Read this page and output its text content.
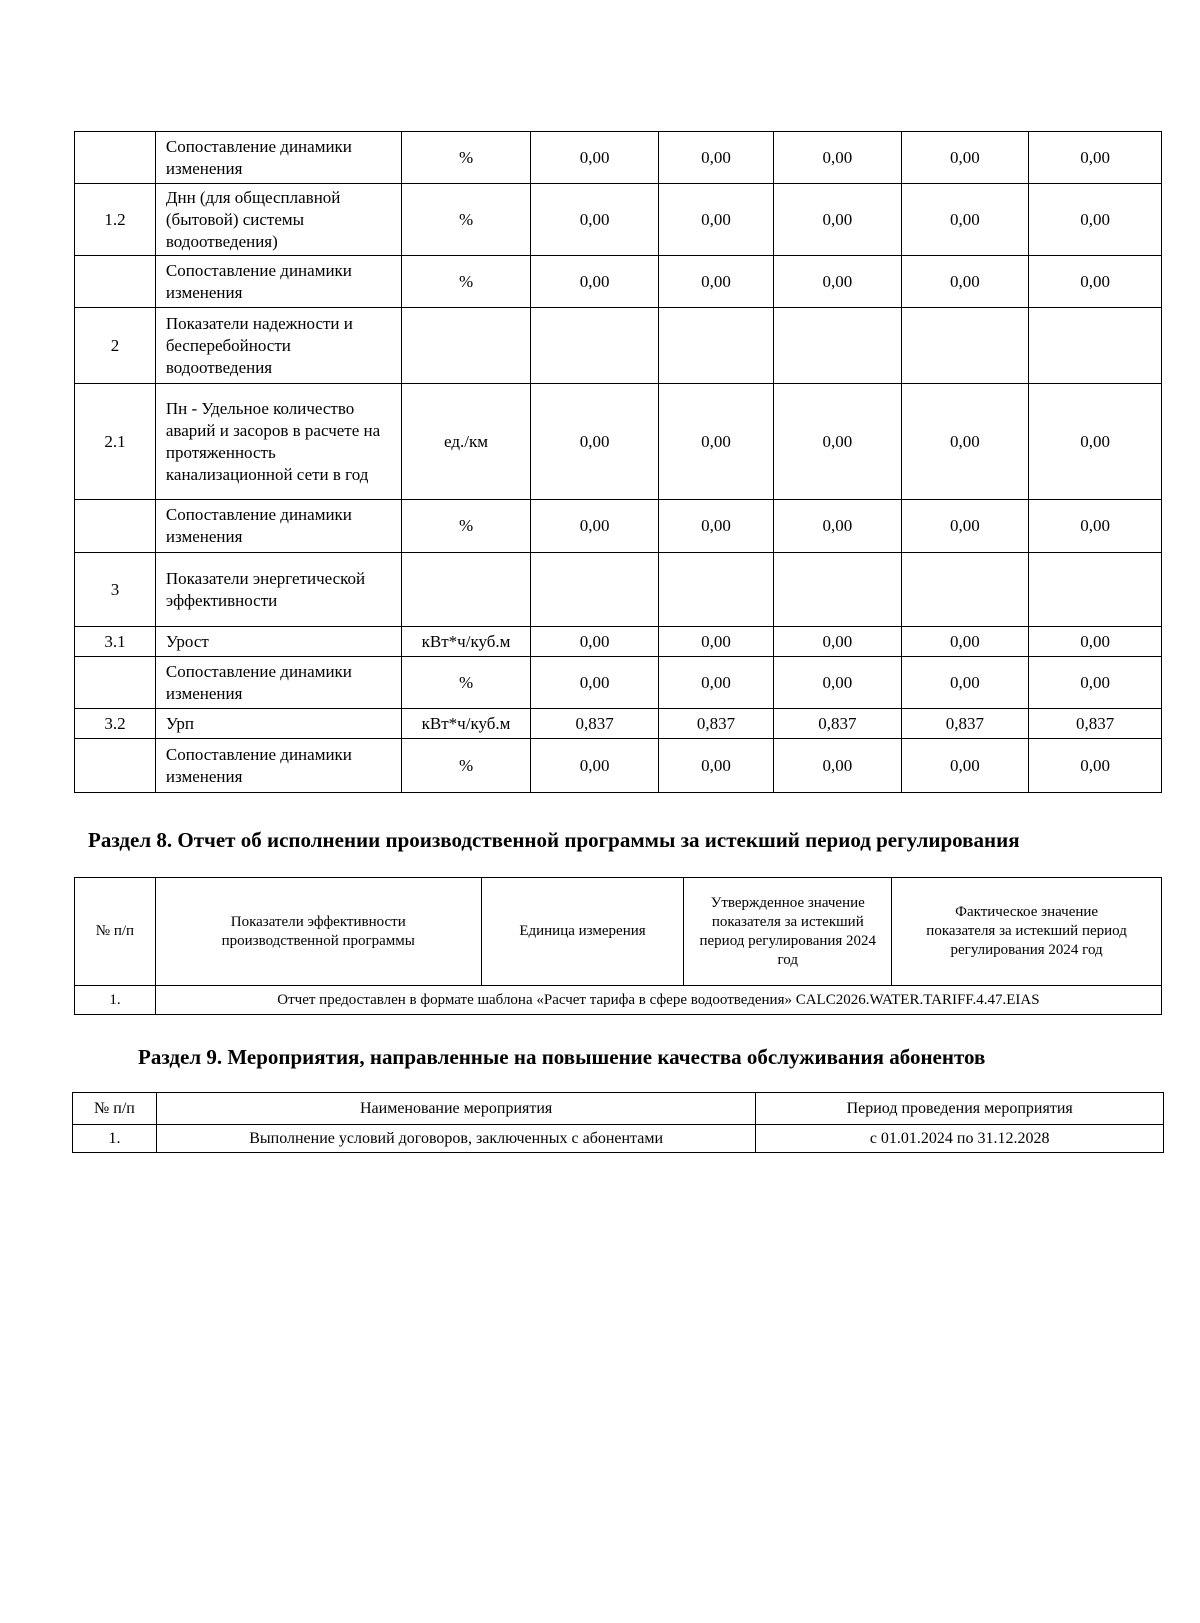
	Сопоставление динамики изменения	%	0,00	0,00	0,00	0,00	0,00
1.2	Днн (для общесплавной (бытовой) системы водоотведения)	%	0,00	0,00	0,00	0,00	0,00
	Сопоставление динамики изменения	%	0,00	0,00	0,00	0,00	0,00
2	Показатели надежности и бесперебойности водоотведения						
2.1	Пн - Удельное количество аварий и засоров в расчете на протяженность канализационной сети в год	ед./км	0,00	0,00	0,00	0,00	0,00
	Сопоставление динамики изменения	%	0,00	0,00	0,00	0,00	0,00
3	Показатели энергетической эффективности						
3.1	Урост	кВт*ч/куб.м	0,00	0,00	0,00	0,00	0,00
	Сопоставление динамики изменения	%	0,00	0,00	0,00	0,00	0,00
3.2	Урп	кВт*ч/куб.м	0,837	0,837	0,837	0,837	0,837
	Сопоставление динамики изменения	%	0,00	0,00	0,00	0,00	0,00
Раздел 8. Отчет об исполнении производственной программы за истекший период регулирования
№ п/п	Показатели эффективности производственной программы	Единица измерения	Утвержденное значение показателя за истекший период регулирования 2024 год	Фактическое значение показателя за истекший период регулирования 2024 год
1.	Отчет предоставлен в формате шаблона «Расчет тарифа в сфере водоотведения» CALC2026.WATER.TARIFF.4.47.EIAS			
Раздел 9. Мероприятия, направленные на повышение качества обслуживания абонентов
№ п/п	Наименование мероприятия	Период проведения мероприятия
1.	Выполнение условий договоров, заключенных с абонентами	с 01.01.2024 по 31.12.2028
